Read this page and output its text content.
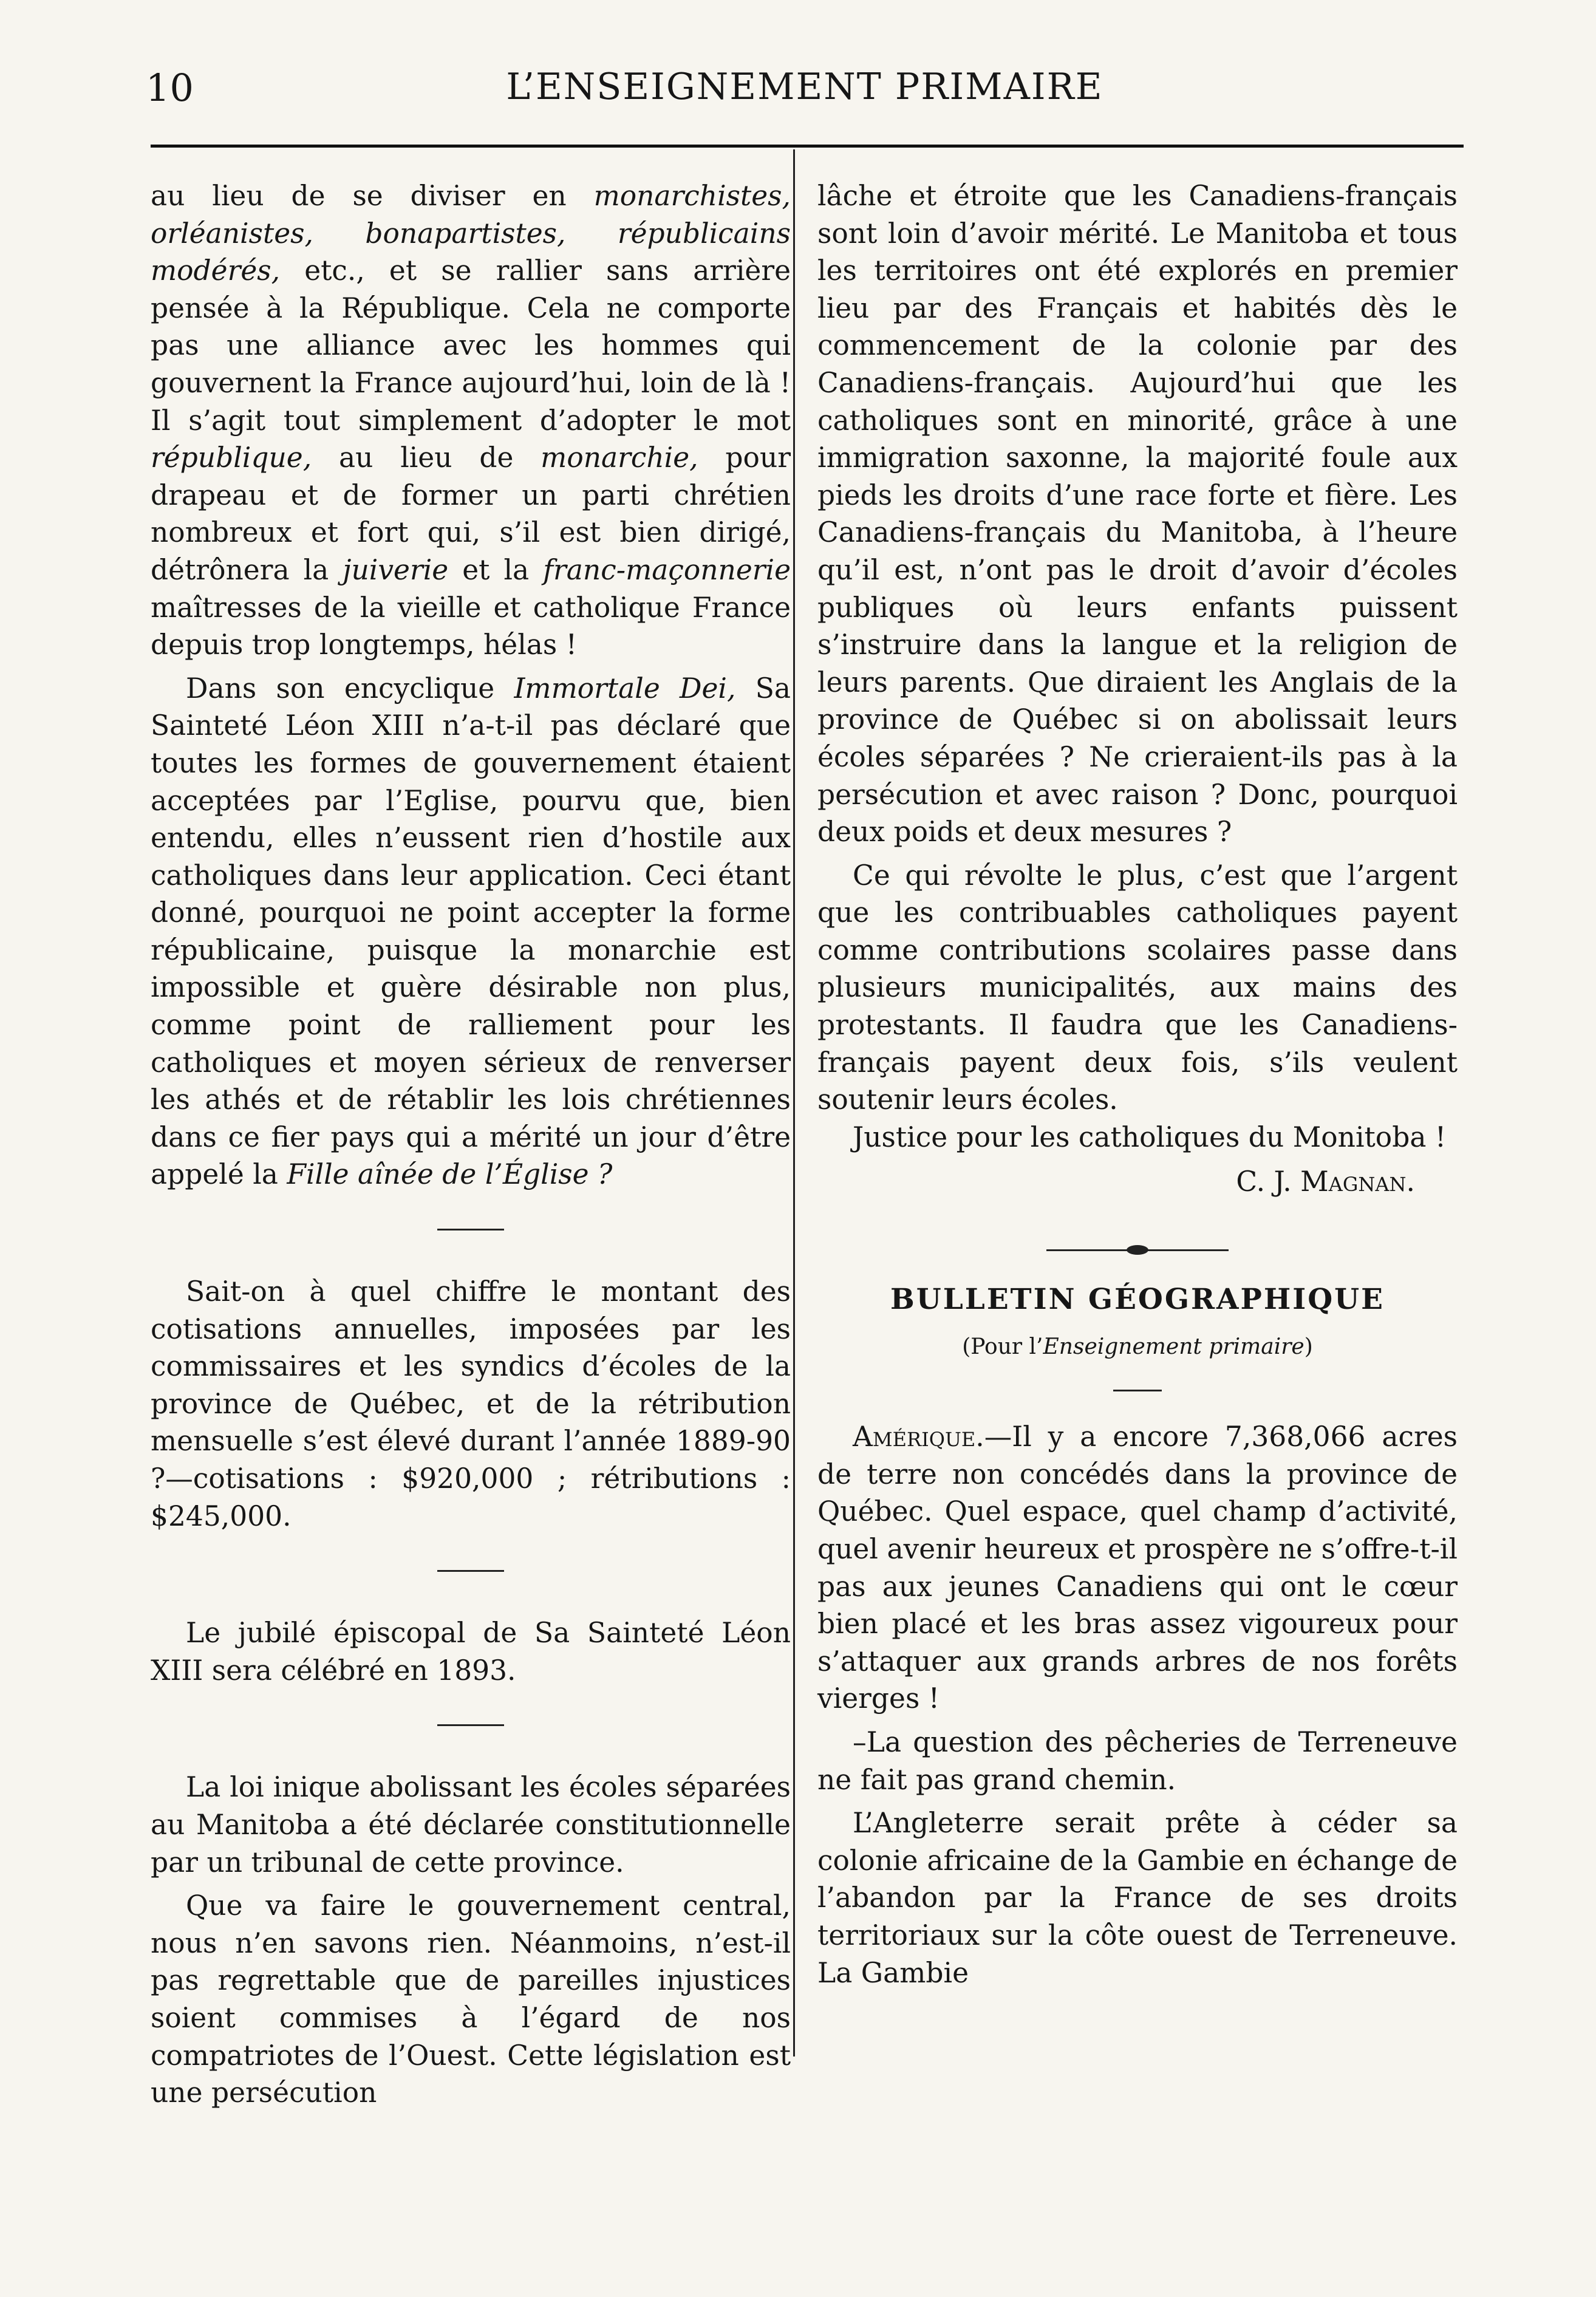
10	L’ENSEIGNEMENT PRIMAIRE

au lieu de se diviser en monarchistes, orléanistes, bonapartistes, républicains modérés, etc., et se rallier sans arrière pensée à la République. Cela ne comporte pas une alliance avec les hommes qui gouvernent la France aujourd’hui, loin de là ! Il s’agit tout simplement d’adopter le mot république, au lieu de monarchie, pour drapeau et de former un parti chrétien nombreux et fort qui, s’il est bien dirigé, détrônera la juiverie et la franc-maçonnerie maîtresses de la vieille et catholique France depuis trop longtemps, hélas !

Dans son encyclique Immortale Dei, Sa Sainteté Léon XIII n’a-t-il pas déclaré que toutes les formes de gouvernement étaient acceptées par l’Eglise, pourvu que, bien entendu, elles n’eussent rien d’hostile aux catholiques dans leur application. Ceci étant donné, pourquoi ne point accepter la forme républicaine, puisque la monarchie est impossible et guère désirable non plus, comme point de ralliement pour les catholiques et moyen sérieux de renverser les athés et de rétablir les lois chrétiennes dans ce fier pays qui a mérité un jour d’être appelé la Fille aînée de l’Église ?

Sait-on à quel chiffre le montant des cotisations annuelles, imposées par les commissaires et les syndics d’écoles de la province de Québec, et de la rétribution mensuelle s’est élevé durant l’année 1889-90 ?—cotisations : $920,000 ; rétributions : $245,000.

Le jubilé épiscopal de Sa Sainteté Léon XIII sera célébré en 1893.

La loi inique abolissant les écoles séparées au Manitoba a été déclarée constitutionnelle par un tribunal de cette province.

Que va faire le gouvernement central, nous n’en savons rien. Néanmoins, n’est-il pas regrettable que de pareilles injustices soient commises à l’égard de nos compatriotes de l’Ouest. Cette législation est une persécution

lâche et étroite que les Canadiens-français sont loin d’avoir mérité. Le Manitoba et tous les territoires ont été explorés en premier lieu par des Français et habités dès le commencement de la colonie par des Canadiens-français. Aujourd’hui que les catholiques sont en minorité, grâce à une immigration saxonne, la majorité foule aux pieds les droits d’une race forte et fière. Les Canadiens-français du Manitoba, à l’heure qu’il est, n’ont pas le droit d’avoir d’écoles publiques où leurs enfants puissent s’instruire dans la langue et la religion de leurs parents. Que diraient les Anglais de la province de Québec si on abolissait leurs écoles séparées ? Ne crieraient-ils pas à la persécution et avec raison ? Donc, pourquoi deux poids et deux mesures ?

Ce qui révolte le plus, c’est que l’argent que les contribuables catholiques payent comme contributions scolaires passe dans plusieurs municipalités, aux mains des protestants. Il faudra que les Canadiens-français payent deux fois, s’ils veulent soutenir leurs écoles.

Justice pour les catholiques du Monitoba !

C. J. Magnan.
BULLETIN GÉOGRAPHIQUE
(Pour l’Enseignement primaire)

Amérique.—Il y a encore 7,368,066 acres de terre non concédés dans la province de Québec. Quel espace, quel champ d’activité, quel avenir heureux et prospère ne s’offre-t-il pas aux jeunes Canadiens qui ont le cœur bien placé et les bras assez vigoureux pour s’attaquer aux grands arbres de nos forêts vierges !

–La question des pêcheries de Terreneuve ne fait pas grand chemin.

L’Angleterre serait prête à céder sa colonie africaine de la Gambie en échange de l’abandon par la France de ses droits territoriaux sur la côte ouest de Terreneuve. La Gambie
